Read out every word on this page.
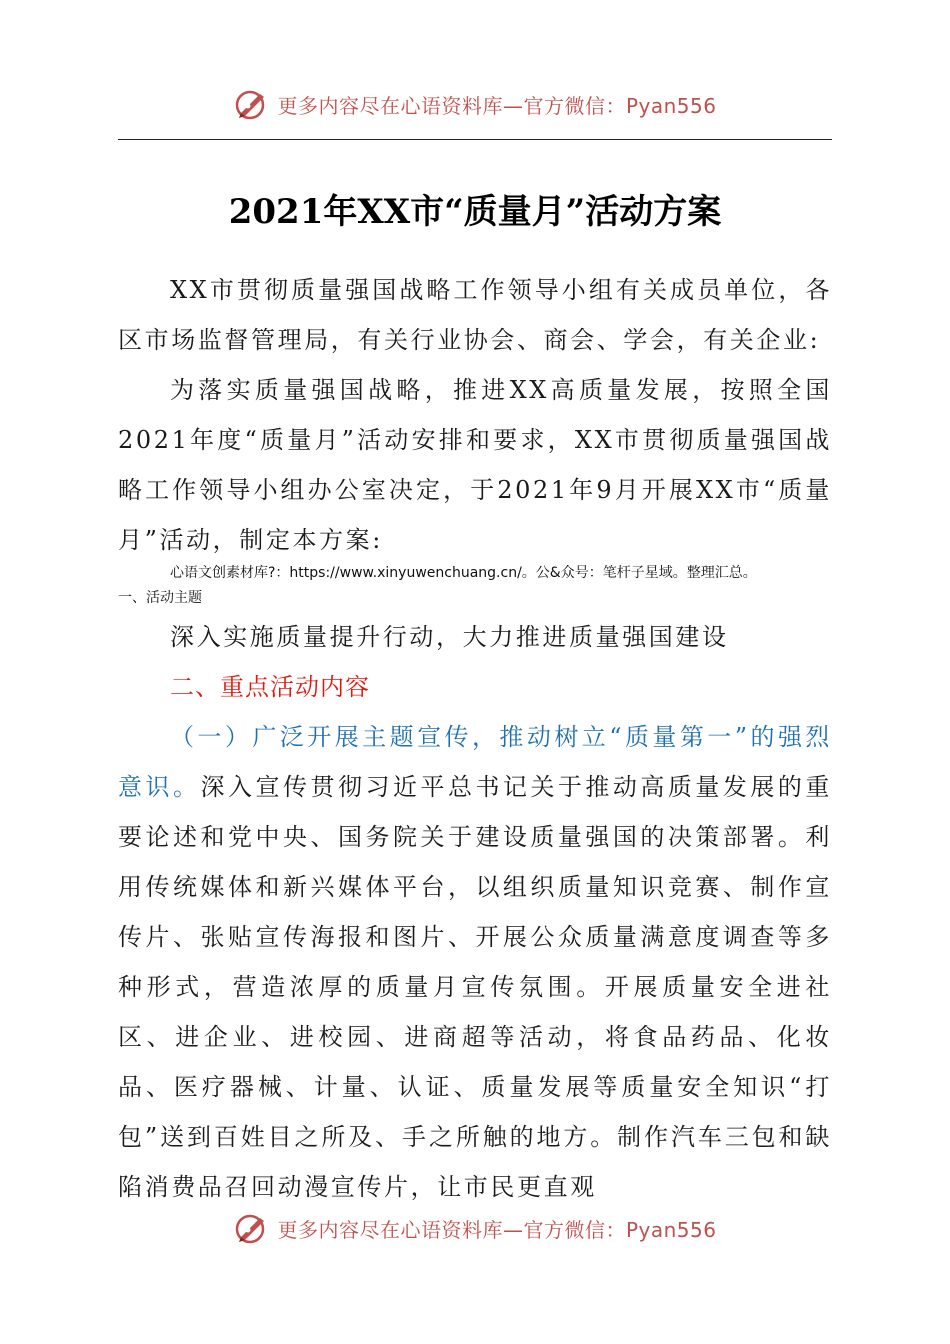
更多内容尽在心语资料库—官方微信：Pyan556
2021年XX市“质量月”活动方案

XX市贯彻质量强国战略工作领导小组有关成员单位，各区市场监督管理局，有关行业协会、商会、学会，有关企业:

为落实质量强国战略，推进XX高质量发展，按照全国2021年度“质量月”活动安排和要求，XX市贯彻质量强国战略工作领导小组办公室决定，于2021年9月开展XX市“质量月”活动，制定本方案:

心语文创素材库?：https://www.xinyuwenchuang.cn/。公&众号：笔杆子星域。整理汇总。
一、活动主题

深入实施质量提升行动，大力推进质量强国建设

二、重点活动内容

（一）广泛开展主题宣传，推动树立“质量第一”的强烈意识。深入宣传贯彻习近平总书记关于推动高质量发展的重要论述和党中央、国务院关于建设质量强国的决策部署。利用传统媒体和新兴媒体平台，以组织质量知识竞赛、制作宣传片、张贴宣传海报和图片、开展公众质量满意度调查等多种形式，营造浓厚的质量月宣传氛围。开展质量安全进社区、进企业、进校园、进商超等活动，将食品药品、化妆品、医疗器械、计量、认证、质量发展等质量安全知识“打包”送到百姓目之所及、手之所触的地方。制作汽车三包和缺陷消费品召回动漫宣传片，让市民更直观

更多内容尽在心语资料库—官方微信：Pyan556
